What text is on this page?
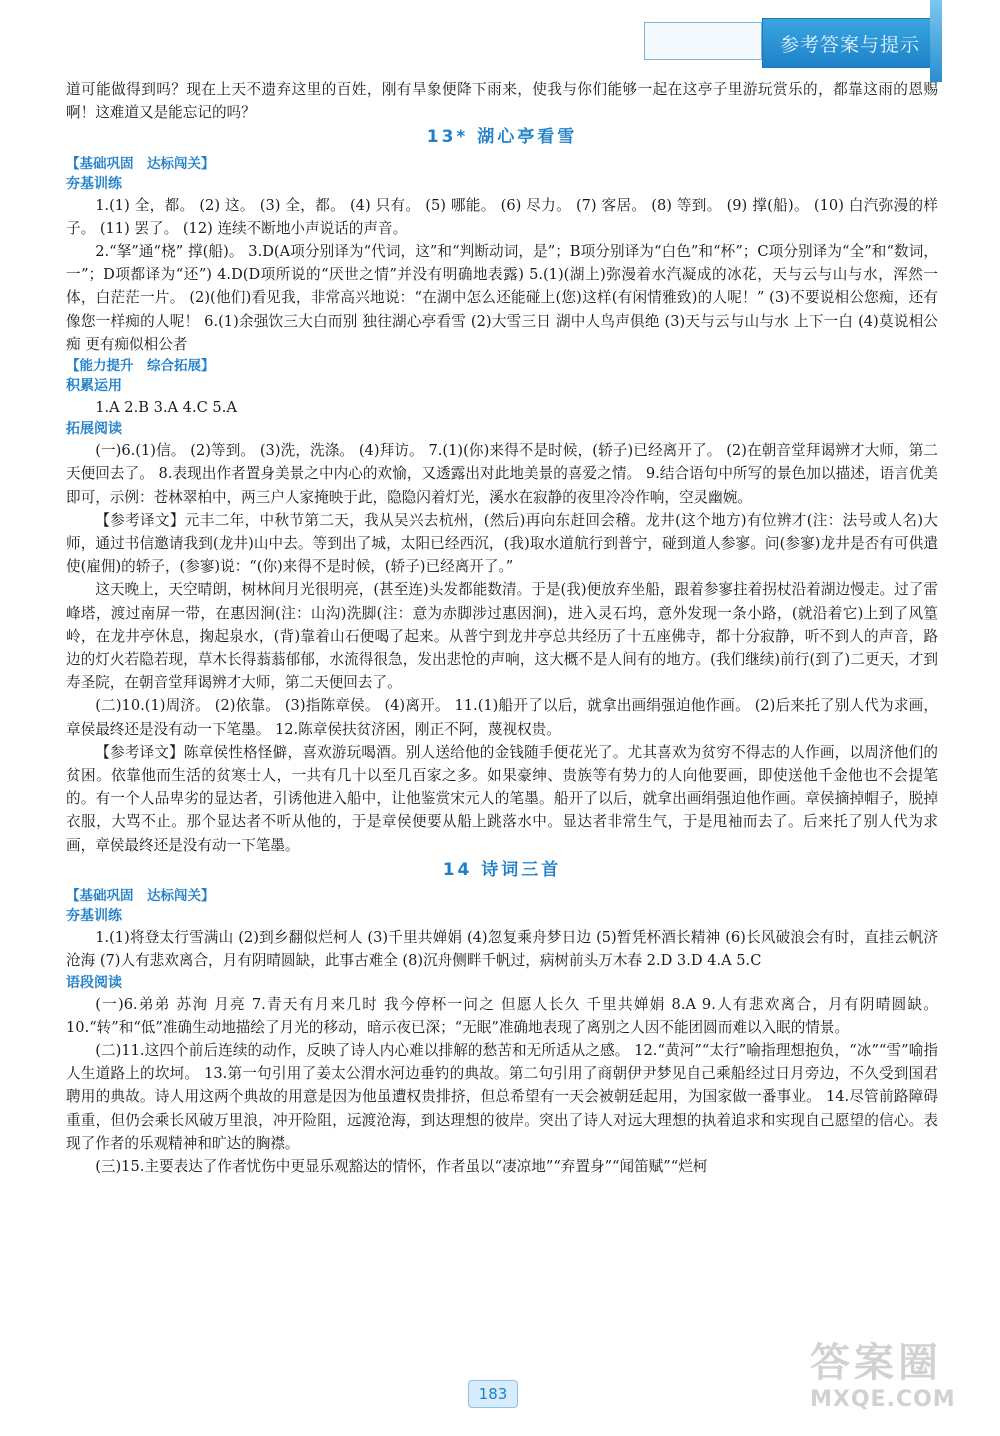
参考答案与提示

道可能做得到吗？现在上天不遗弃这里的百姓，刚有旱象便降下雨来，使我与你们能够一起在这亭子里游玩赏乐的，都靠这雨的恩赐啊！这难道又是能忘记的吗？

13* 湖心亭看雪
【基础巩固　达标闯关】
夯基训练

1.(1) 全，都。 (2) 这。 (3) 全，都。 (4) 只有。 (5) 哪能。 (6) 尽力。 (7) 客居。 (8) 等到。 (9) 撑(船)。 (10) 白汽弥漫的样子。 (11) 罢了。 (12) 连续不断地小声说话的声音。

2.“拏”通“桡” 撑(船)。 3.D(A项分别译为“代词，这”和“判断动词，是”；B项分别译为“白色”和“杯”；C项分别译为“全”和“数词，一”；D项都译为“还”) 4.D(D项所说的“厌世之情”并没有明确地表露) 5.(1)(湖上)弥漫着水汽凝成的冰花，天与云与山与水，浑然一体，白茫茫一片。 (2)(他们)看见我，非常高兴地说：“在湖中怎么还能碰上(您)这样(有闲情雅致)的人呢！” (3)不要说相公您痴，还有像您一样痴的人呢！ 6.(1)余强饮三大白而别 独往湖心亭看雪 (2)大雪三日 湖中人鸟声俱绝 (3)天与云与山与水 上下一白 (4)莫说相公痴 更有痴似相公者

【能力提升　综合拓展】
积累运用

1.A 2.B 3.A 4.C 5.A

拓展阅读

(一)6.(1)信。 (2)等到。 (3)洗，洗涤。 (4)拜访。 7.(1)(你)来得不是时候，(轿子)已经离开了。 (2)在朝音堂拜谒辨才大师，第二天便回去了。 8.表现出作者置身美景之中内心的欢愉，又透露出对此地美景的喜爱之情。 9.结合语句中所写的景色加以描述，语言优美即可，示例：苍林翠柏中，两三户人家掩映于此，隐隐闪着灯光，溪水在寂静的夜里冷冷作响，空灵幽婉。

【参考译文】元丰二年，中秋节第二天，我从吴兴去杭州，(然后)再向东赶回会稽。龙井(这个地方)有位辨才(注：法号或人名)大师，通过书信邀请我到(龙井)山中去。等到出了城，太阳已经西沉，(我)取水道航行到普宁，碰到道人参寥。问(参寥)龙井是否有可供遣使(雇佣)的轿子，(参寥)说：“(你)来得不是时候，(轿子)已经离开了。”

这天晚上，天空晴朗，树林间月光很明亮，(甚至连)头发都能数清。于是(我)便放弃坐船，跟着参寥拄着拐杖沿着湖边慢走。过了雷峰塔，渡过南屏一带，在惠因涧(注：山沟)洗脚(注：意为赤脚涉过惠因涧)，进入灵石坞，意外发现一条小路，(就沿着它)上到了风篁岭，在龙井亭休息，掬起泉水，(背)靠着山石便喝了起来。从普宁到龙井亭总共经历了十五座佛寺，都十分寂静，听不到人的声音，路边的灯火若隐若现，草木长得蓊蓊郁郁，水流得很急，发出悲怆的声响，这大概不是人间有的地方。(我们继续)前行(到了)二更天，才到寿圣院，在朝音堂拜谒辨才大师，第二天便回去了。

(二)10.(1)周济。 (2)依靠。 (3)指陈章侯。 (4)离开。 11.(1)船开了以后，就拿出画绢强迫他作画。 (2)后来托了别人代为求画，章侯最终还是没有动一下笔墨。 12.陈章侯扶贫济困，刚正不阿，蔑视权贵。

【参考译文】陈章侯性格怪僻，喜欢游玩喝酒。别人送给他的金钱随手便花光了。尤其喜欢为贫穷不得志的人作画，以周济他们的贫困。依靠他而生活的贫寒士人，一共有几十以至几百家之多。如果豪绅、贵族等有势力的人向他要画，即使送他千金他也不会提笔的。有一个人品卑劣的显达者，引诱他进入船中，让他鉴赏宋元人的笔墨。船开了以后，就拿出画绢强迫他作画。章侯摘掉帽子，脱掉衣服，大骂不止。那个显达者不听从他的，于是章侯便要从船上跳落水中。显达者非常生气，于是甩袖而去了。后来托了别人代为求画，章侯最终还是没有动一下笔墨。

14 诗词三首
【基础巩固　达标闯关】
夯基训练

1.(1)将登太行雪满山 (2)到乡翻似烂柯人 (3)千里共婵娟 (4)忽复乘舟梦日边 (5)暂凭杯酒长精神 (6)长风破浪会有时，直挂云帆济沧海 (7)人有悲欢离合，月有阴晴圆缺，此事古难全 (8)沉舟侧畔千帆过，病树前头万木春 2.D 3.D 4.A 5.C

语段阅读

(一)6.弟弟 苏洵 月亮 7.青天有月来几时 我今停杯一问之 但愿人长久 千里共婵娟 8.A 9.人有悲欢离合，月有阴晴圆缺。 10.“转”和“低”准确生动地描绘了月光的移动，暗示夜已深；“无眠”准确地表现了离别之人因不能团圆而难以入眠的情景。

(二)11.这四个前后连续的动作，反映了诗人内心难以排解的愁苦和无所适从之感。 12.“黄河”“太行”喻指理想抱负，“冰”“雪”喻指人生道路上的坎坷。 13.第一句引用了姜太公渭水河边垂钓的典故。第二句引用了商朝伊尹梦见自己乘船经过日月旁边，不久受到国君聘用的典故。诗人用这两个典故的用意是因为他虽遭权贵排挤，但总希望有一天会被朝廷起用，为国家做一番事业。 14.尽管前路障碍重重，但仍会乘长风破万里浪，冲开险阻，远渡沧海，到达理想的彼岸。突出了诗人对远大理想的执着追求和实现自己愿望的信心。表现了作者的乐观精神和旷达的胸襟。

(三)15.主要表达了作者忧伤中更显乐观豁达的情怀，作者虽以“凄凉地”“弃置身”“闻笛赋”“烂柯

183
答案圈
MXQE.COM
